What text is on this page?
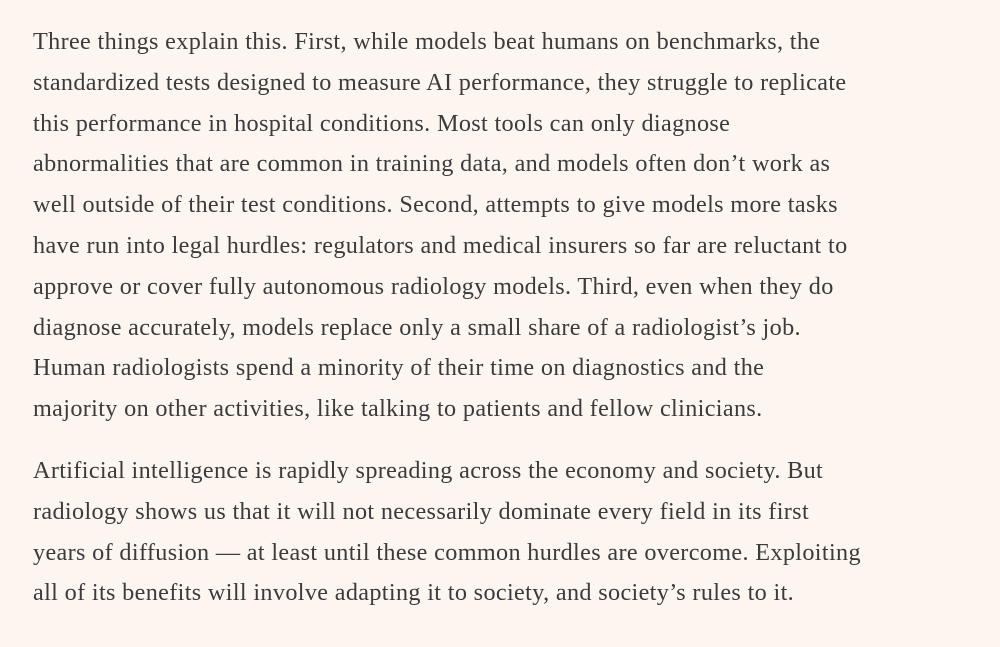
Three things explain this. First, while models beat humans on benchmarks, the
standardized tests designed to measure AI performance, they struggle to replicate
this performance in hospital conditions. Most tools can only diagnose
abnormalities that are common in training data, and models often don’t work as
well outside of their test conditions. Second, attempts to give models more tasks
have run into legal hurdles: regulators and medical insurers so far are reluctant to
approve or cover fully autonomous radiology models. Third, even when they do
diagnose accurately, models replace only a small share of a radiologist’s job.
Human radiologists spend a minority of their time on diagnostics and the
majority on other activities, like talking to patients and fellow clinicians.

Artificial intelligence is rapidly spreading across the economy and society. But
radiology shows us that it will not necessarily dominate every field in its first
years of diffusion — at least until these common hurdles are overcome. Exploiting
all of its benefits will involve adapting it to society, and society’s rules to it.
